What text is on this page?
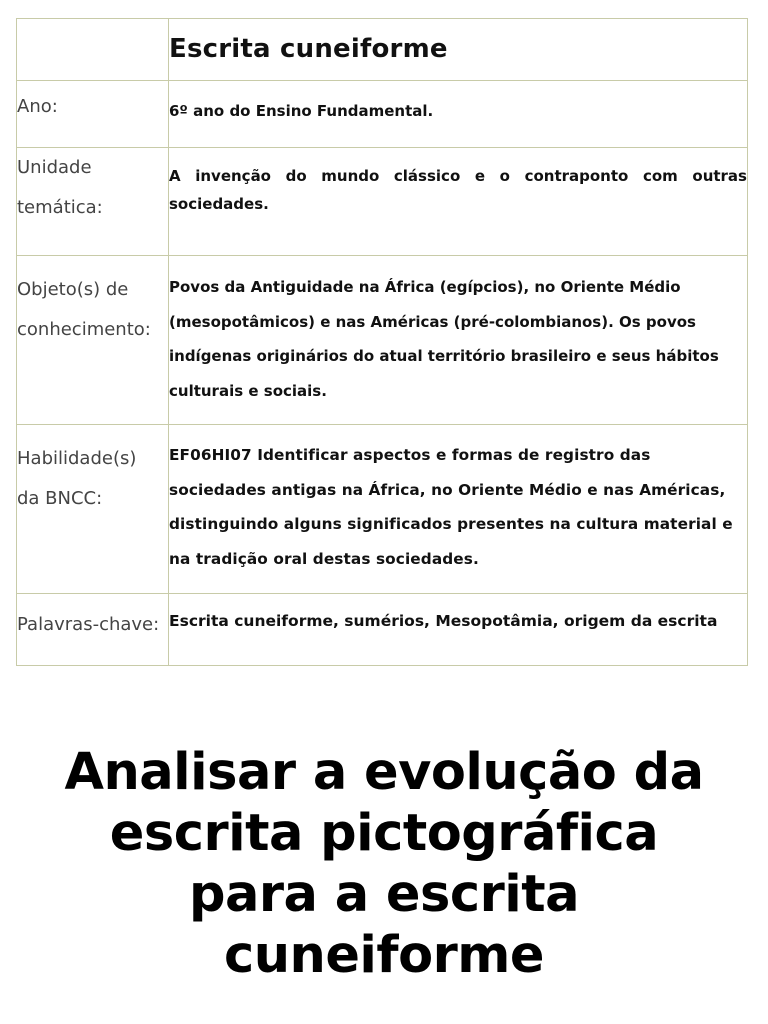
	Escrita cuneiforme

Ano:	6º ano do Ensino Fundamental.

Unidade
temática:	A invenção do mundo clássico e o contraponto com outras sociedades.

Objeto(s) de
conhecimento:	Povos da Antiguidade na África (egípcios), no Oriente Médio (mesopotâmicos) e nas Américas (pré-colombianos). Os povos indígenas originários do atual território brasileiro e seus hábitos culturais e sociais.

Habilidade(s)
da BNCC:	EF06HI07 Identificar aspectos e formas de registro das sociedades antigas na África, no Oriente Médio e nas Américas, distinguindo alguns significados presentes na cultura material e na tradição oral destas sociedades.

Palavras-chave:	Escrita cuneiforme, sumérios, Mesopotâmia, origem da escrita
Analisar a evolução da
escrita pictográfica
para a escrita
cuneiforme
